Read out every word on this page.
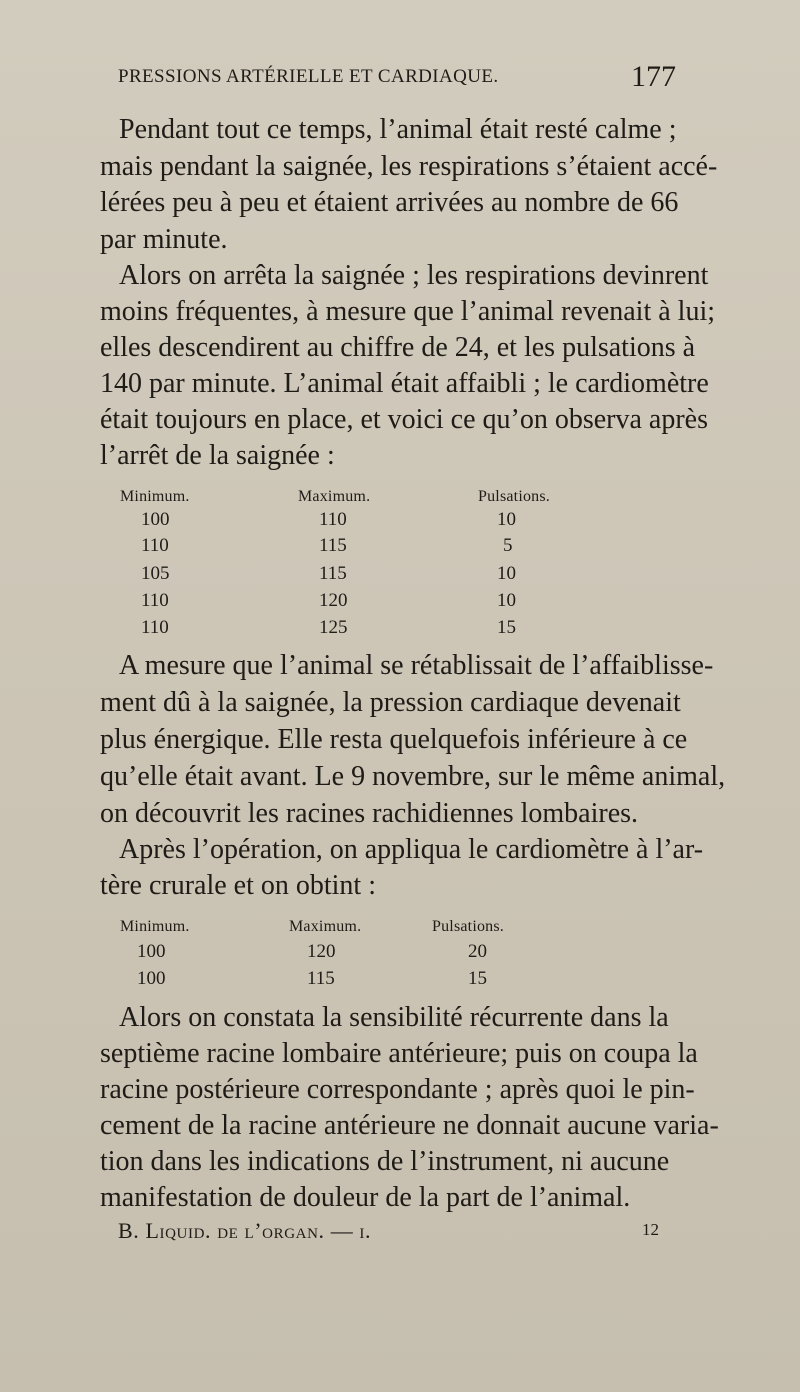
PRESSIONS ARTÉRIELLE ET CARDIAQUE.	177
Pendant tout ce temps, l’animal était resté calme ;
mais pendant la saignée, les respirations s’étaient accé-
lérées peu à peu et étaient arrivées au nombre de 66
par minute.
Alors on arrêta la saignée ; les respirations devinrent
moins fréquentes, à mesure que l’animal revenait à lui;
elles descendirent au chiffre de 24, et les pulsations à
140 par minute. L’animal était affaibli ; le cardiomètre
était toujours en place, et voici ce qu’on observa après
l’arrêt de la saignée :
Minimum.	Maximum.	Pulsations.
100	110	10
110	115	5
105	115	10
110	120	10
110	125	15
A mesure que l’animal se rétablissait de l’affaiblisse-
ment dû à la saignée, la pression cardiaque devenait
plus énergique. Elle resta quelquefois inférieure à ce
qu’elle était avant. Le 9 novembre, sur le même animal,
on découvrit les racines rachidiennes lombaires.
Après l’opération, on appliqua le cardiomètre à l’ar-
tère crurale et on obtint :
Minimum.	Maximum.	Pulsations.
100	120	20
100	115	15
Alors on constata la sensibilité récurrente dans la
septième racine lombaire antérieure; puis on coupa la
racine postérieure correspondante ; après quoi le pin-
cement de la racine antérieure ne donnait aucune varia-
tion dans les indications de l’instrument, ni aucune
manifestation de douleur de la part de l’animal.
B. Liquid. de l’organ. — i.	12
